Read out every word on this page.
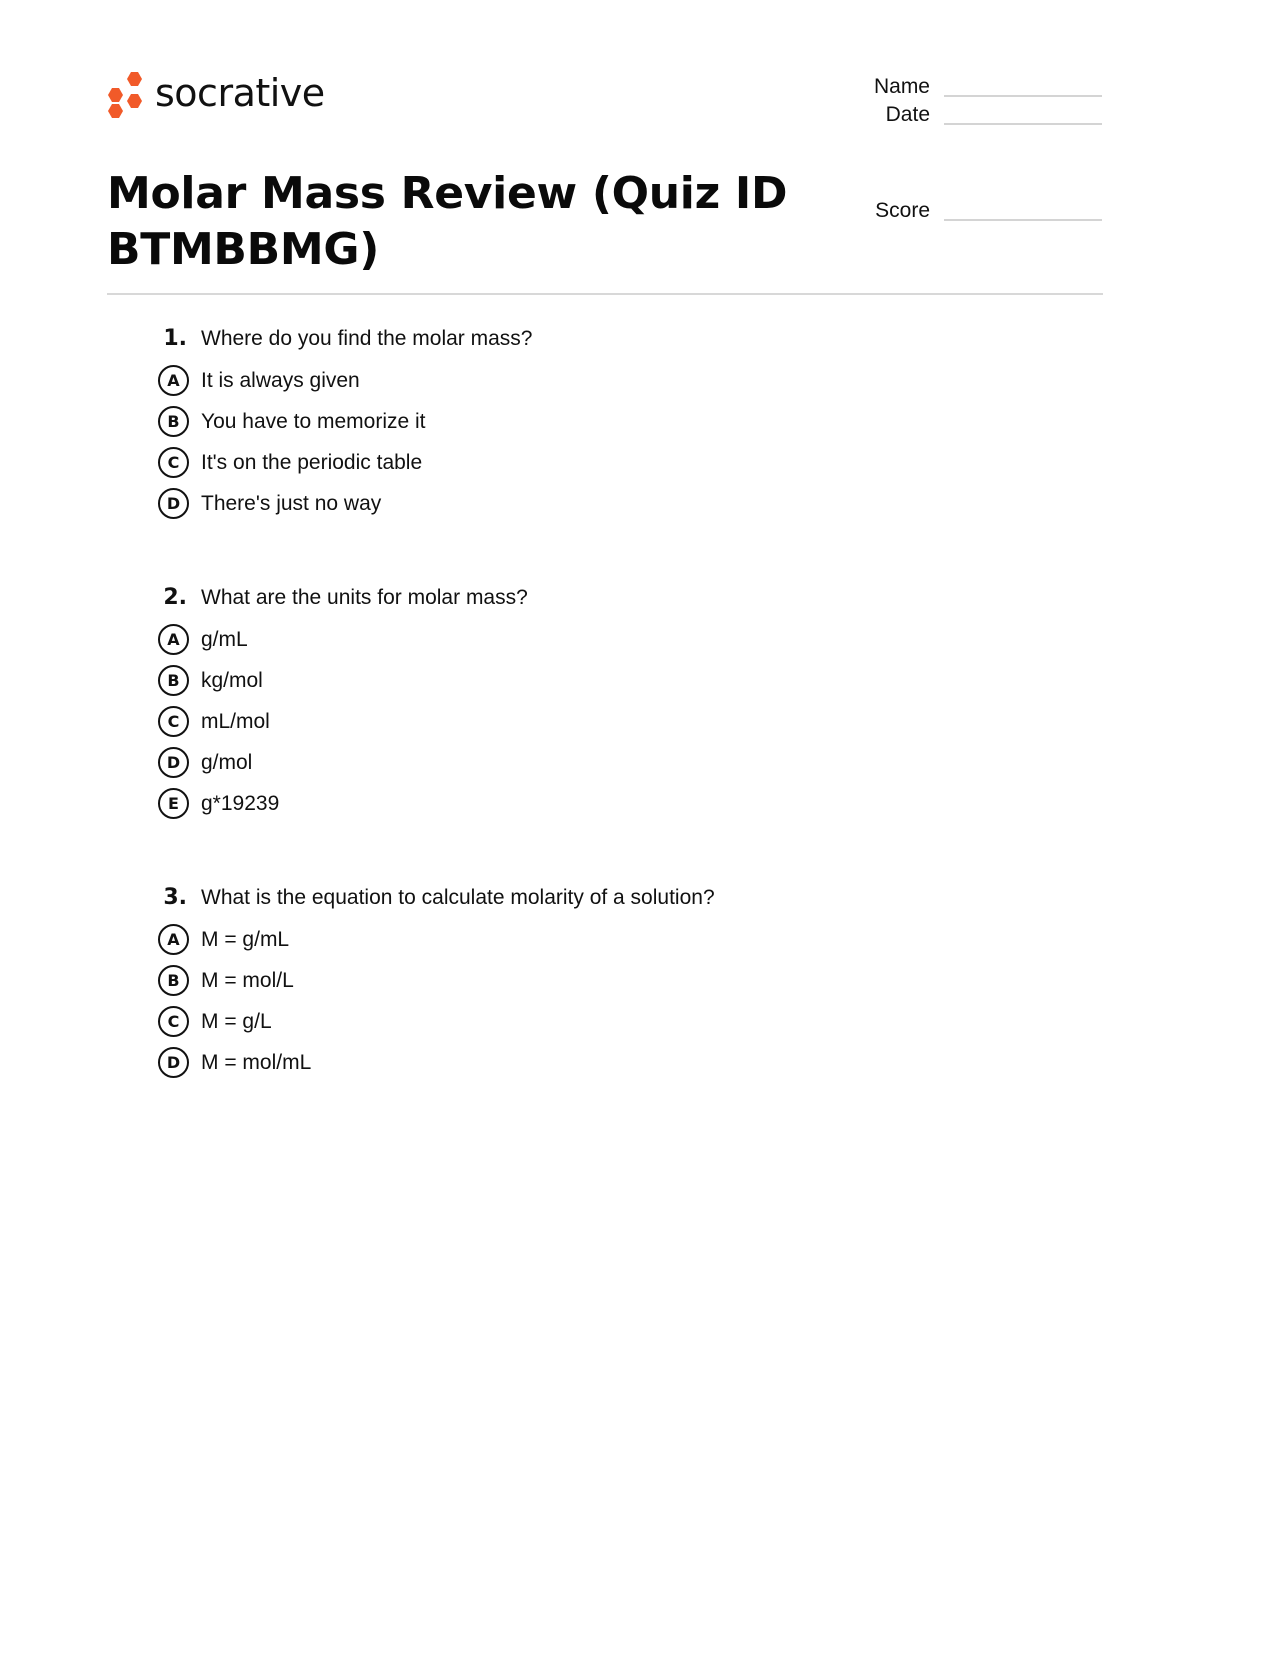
socrative
Molar Mass Review (Quiz ID BTMBBMG)
Name
Date
Score
1. Where do you find the molar mass?
A	It is always given
B	You have to memorize it
C	It's on the periodic table
D There's just no way
2. What are the units for molar mass?
A	g/mL
B	kg/mol
C	mL/mol
D g/mol
E	g*19239
3. What is the equation to calculate molarity of a solution?
A	M = g/mL
B	M = mol/L
C	M = g/L
D M = mol/mL
